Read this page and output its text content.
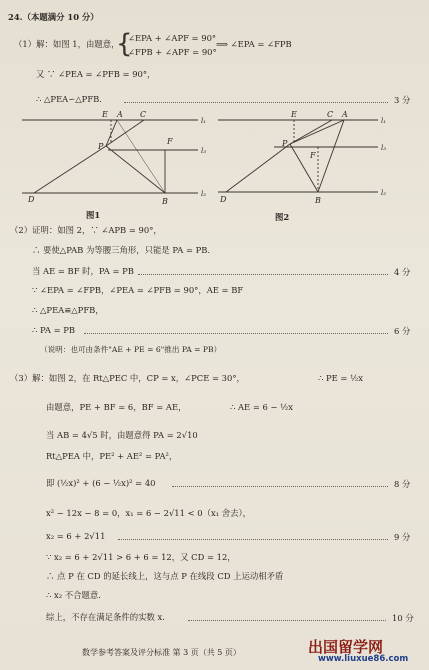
24.（本题满分 10 分）
（1）解：如图 1，由题意，
{
∠EPA + ∠APF = 90°
∠FPB + ∠APF = 90°
⟹ ∠EPA = ∠FPB
又 ∵ ∠PEA = ∠PFB = 90°，
∴ △PEA∽△PFB.	3 分
E A C
P
F
D	B
l₁
l₃
l₂
图1
E	C A
P
F
D	B
l₁
l₃
l₂
图2
（2）证明：如图 2，∵ ∠APB = 90°，
∴ 要使△PAB 为等腰三角形，只能是 PA = PB.
当 AE = BF 时，PA = PB	4 分
∵ ∠EPA = ∠FPB，∠PEA = ∠PFB = 90°，AE = BF
∴ △PEA≌△PFB，
∴ PA = PB	6 分
（说明：也可由条件"AE + PE = 6"推出 PA = PB）
（3）解：如图 2，在 Rt△PEC 中，CP = x，∠PCE = 30°，	∴ PE = ½x
由题意，PE + BF = 6，BF = AE，	∴ AE = 6 − ½x
当 AB = 4√5 时，由题意得 PA = 2√10
Rt△PEA 中，PE² + AE² = PA²，
即 (½x)² + (6 − ½x)² = 40	8 分
x² − 12x − 8 = 0，x₁ = 6 − 2√11 < 0（x₁ 舍去），
x₂ = 6 + 2√11	9 分
∵ x₂ = 6 + 2√11 > 6 + 6 = 12，又 CD = 12，
∴ 点 P 在 CD 的延长线上，这与点 P 在线段 CD 上运动相矛盾
∴ x₂ 不合题意.
综上，不存在满足条件的实数 x.	10 分
数学参考答案及评分标准 第 3 页（共 5 页）	出国留学网
www.liuxue86.com
